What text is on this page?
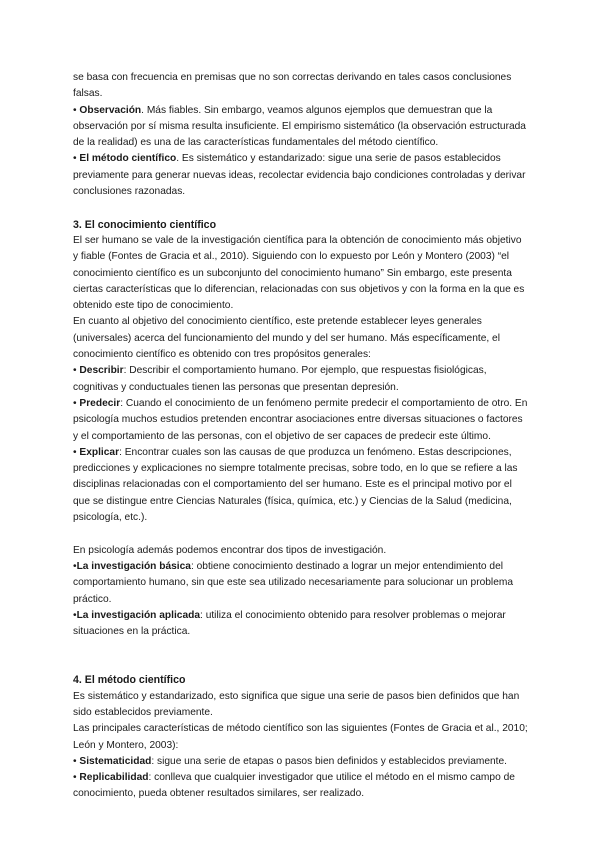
se basa con frecuencia en premisas que no son correctas derivando en tales casos conclusiones falsas.

• Observación. Más fiables. Sin embargo, veamos algunos ejemplos que demuestran que la observación por sí misma resulta insuficiente. El empirismo sistemático (la observación estructurada de la realidad) es una de las características fundamentales del método científico.

• El método científico. Es sistemático y estandarizado: sigue una serie de pasos establecidos previamente para generar nuevas ideas, recolectar evidencia bajo condiciones controladas y derivar conclusiones razonadas.

3. El conocimiento científico

El ser humano se vale de la investigación científica para la obtención de conocimiento más objetivo y fiable (Fontes de Gracia et al., 2010). Siguiendo con lo expuesto por León y Montero (2003) “el conocimiento científico es un subconjunto del conocimiento humano” Sin embargo, este presenta ciertas características que lo diferencian, relacionadas con sus objetivos y con la forma en la que es obtenido este tipo de conocimiento.

En cuanto al objetivo del conocimiento científico, este pretende establecer leyes generales (universales) acerca del funcionamiento del mundo y del ser humano. Más específicamente, el conocimiento científico es obtenido con tres propósitos generales:

• Describir: Describir el comportamiento humano. Por ejemplo, que respuestas fisiológicas, cognitivas y conductuales tienen las personas que presentan depresión.

• Predecir: Cuando el conocimiento de un fenómeno permite predecir el comportamiento de otro. En psicología muchos estudios pretenden encontrar asociaciones entre diversas situaciones o factores y el comportamiento de las personas, con el objetivo de ser capaces de predecir este último.

• Explicar: Encontrar cuales son las causas de que produzca un fenómeno. Estas descripciones, predicciones y explicaciones no siempre totalmente precisas, sobre todo, en lo que se refiere a las disciplinas relacionadas con el comportamiento del ser humano. Este es el principal motivo por el que se distingue entre Ciencias Naturales (física, química, etc.) y Ciencias de la Salud (medicina, psicología, etc.).

En psicología además podemos encontrar dos tipos de investigación.

•La investigación básica: obtiene conocimiento destinado a lograr un mejor entendimiento del comportamiento humano, sin que este sea utilizado necesariamente para solucionar un problema práctico.

•La investigación aplicada: utiliza el conocimiento obtenido para resolver problemas o mejorar situaciones en la práctica.

4. El método científico

Es sistemático y estandarizado, esto significa que sigue una serie de pasos bien definidos que han sido establecidos previamente.

Las principales características de método científico son las siguientes (Fontes de Gracia et al., 2010; León y Montero, 2003):

• Sistematicidad: sigue una serie de etapas o pasos bien definidos y establecidos previamente.

• Replicabilidad: conlleva que cualquier investigador que utilice el método en el mismo campo de conocimiento, pueda obtener resultados similares, ser realizado.
